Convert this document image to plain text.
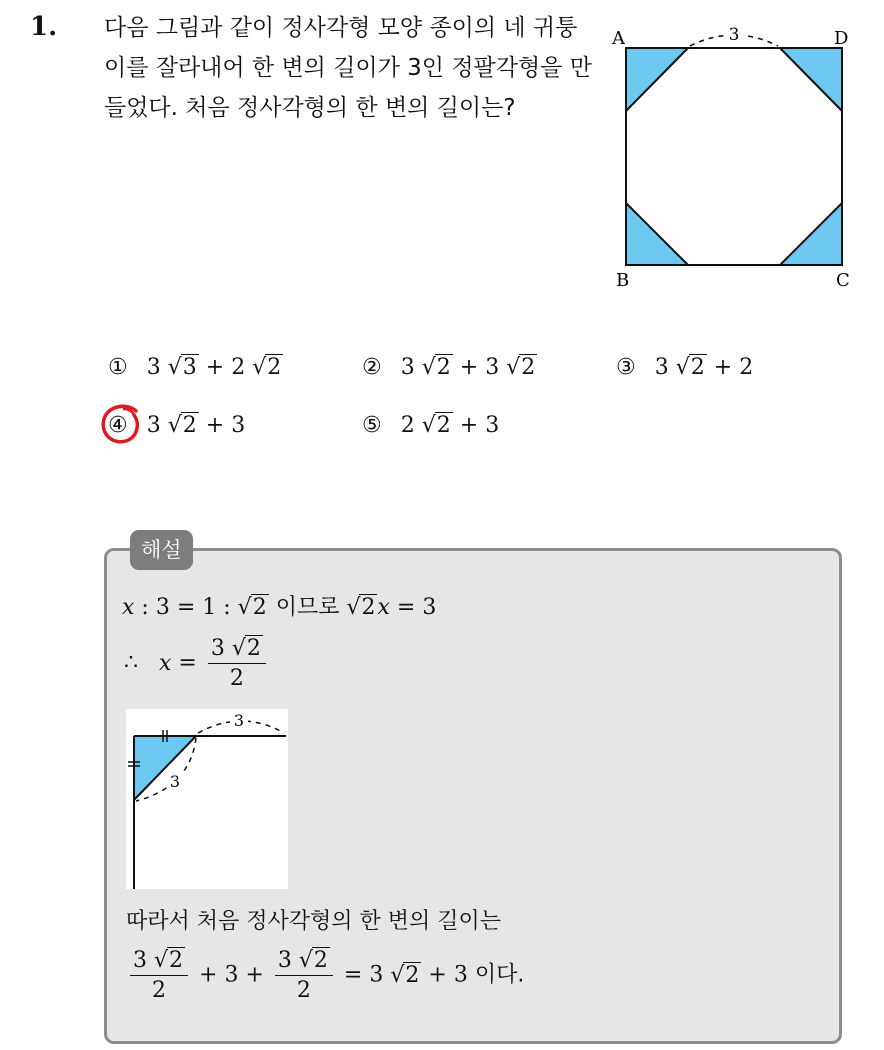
1. 다음 그림과 같이 정사각형 모양 종이의 네 귀퉁이를 잘라내어 한 변의 길이가 3인 정팔각형을 만들었다. 처음 정사각형의 한 변의 길이는?
3
A	D
B	C
① 3 √3 + 2 √2	② 3 √2 + 3 √2	③ 3 √2 + 2
④ 3 √2 + 3	⑤ 2 √2 + 3
해설
x : 3 = 1 : √2 이므로 √2x = 3
∴ $x = \frac{3 √2}{2}$
3
3
따라서 처음 정사각형의 한 변의 길이는
$\frac{3 √2}{2} + 3 + \frac{3 √2}{2} = 3$ √2 + 3 이다.
